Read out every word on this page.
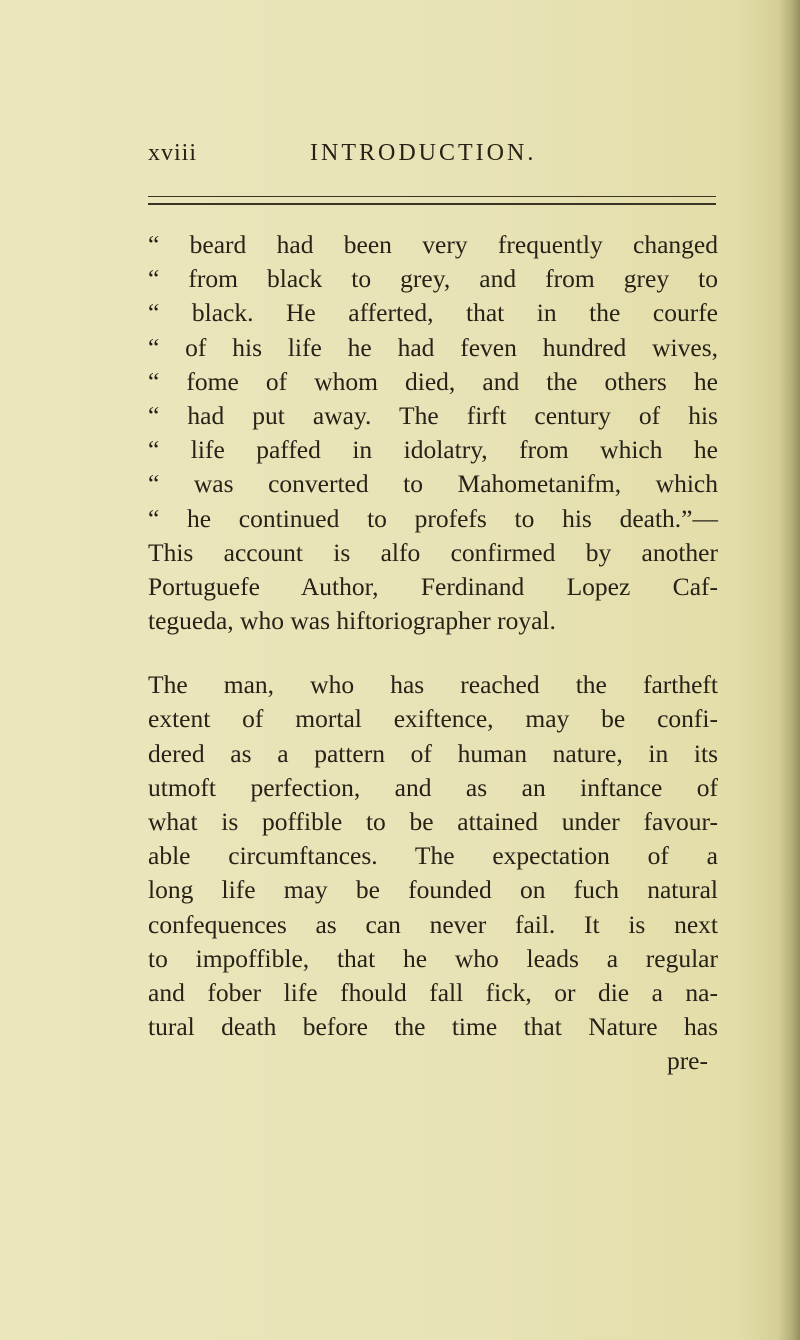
xviii	INTRODUCTION.
“ beard had been very frequently changed
“ from black to grey, and from grey to
“ black. He afferted, that in the courfe
“ of his life he had feven hundred wives,
“ fome of whom died, and the others he
“ had put away. The firft century of his
“ life paffed in idolatry, from which he
“ was converted to Mahometanifm, which
“ he continued to profefs to his death.”—
This account is alfo confirmed by another
Portuguefe Author, Ferdinand Lopez Caf-
tegueda, who was hiftoriographer royal.
The man, who has reached the fartheft
extent of mortal exiftence, may be confi-
dered as a pattern of human nature, in its
utmoft perfection, and as an inftance of
what is poffible to be attained under favour-
able circumftances. The expectation of a
long life may be founded on fuch natural
confequences as can never fail. It is next
to impoffible, that he who leads a regular
and fober life fhould fall fick, or die a na-
tural death before the time that Nature has
pre-
